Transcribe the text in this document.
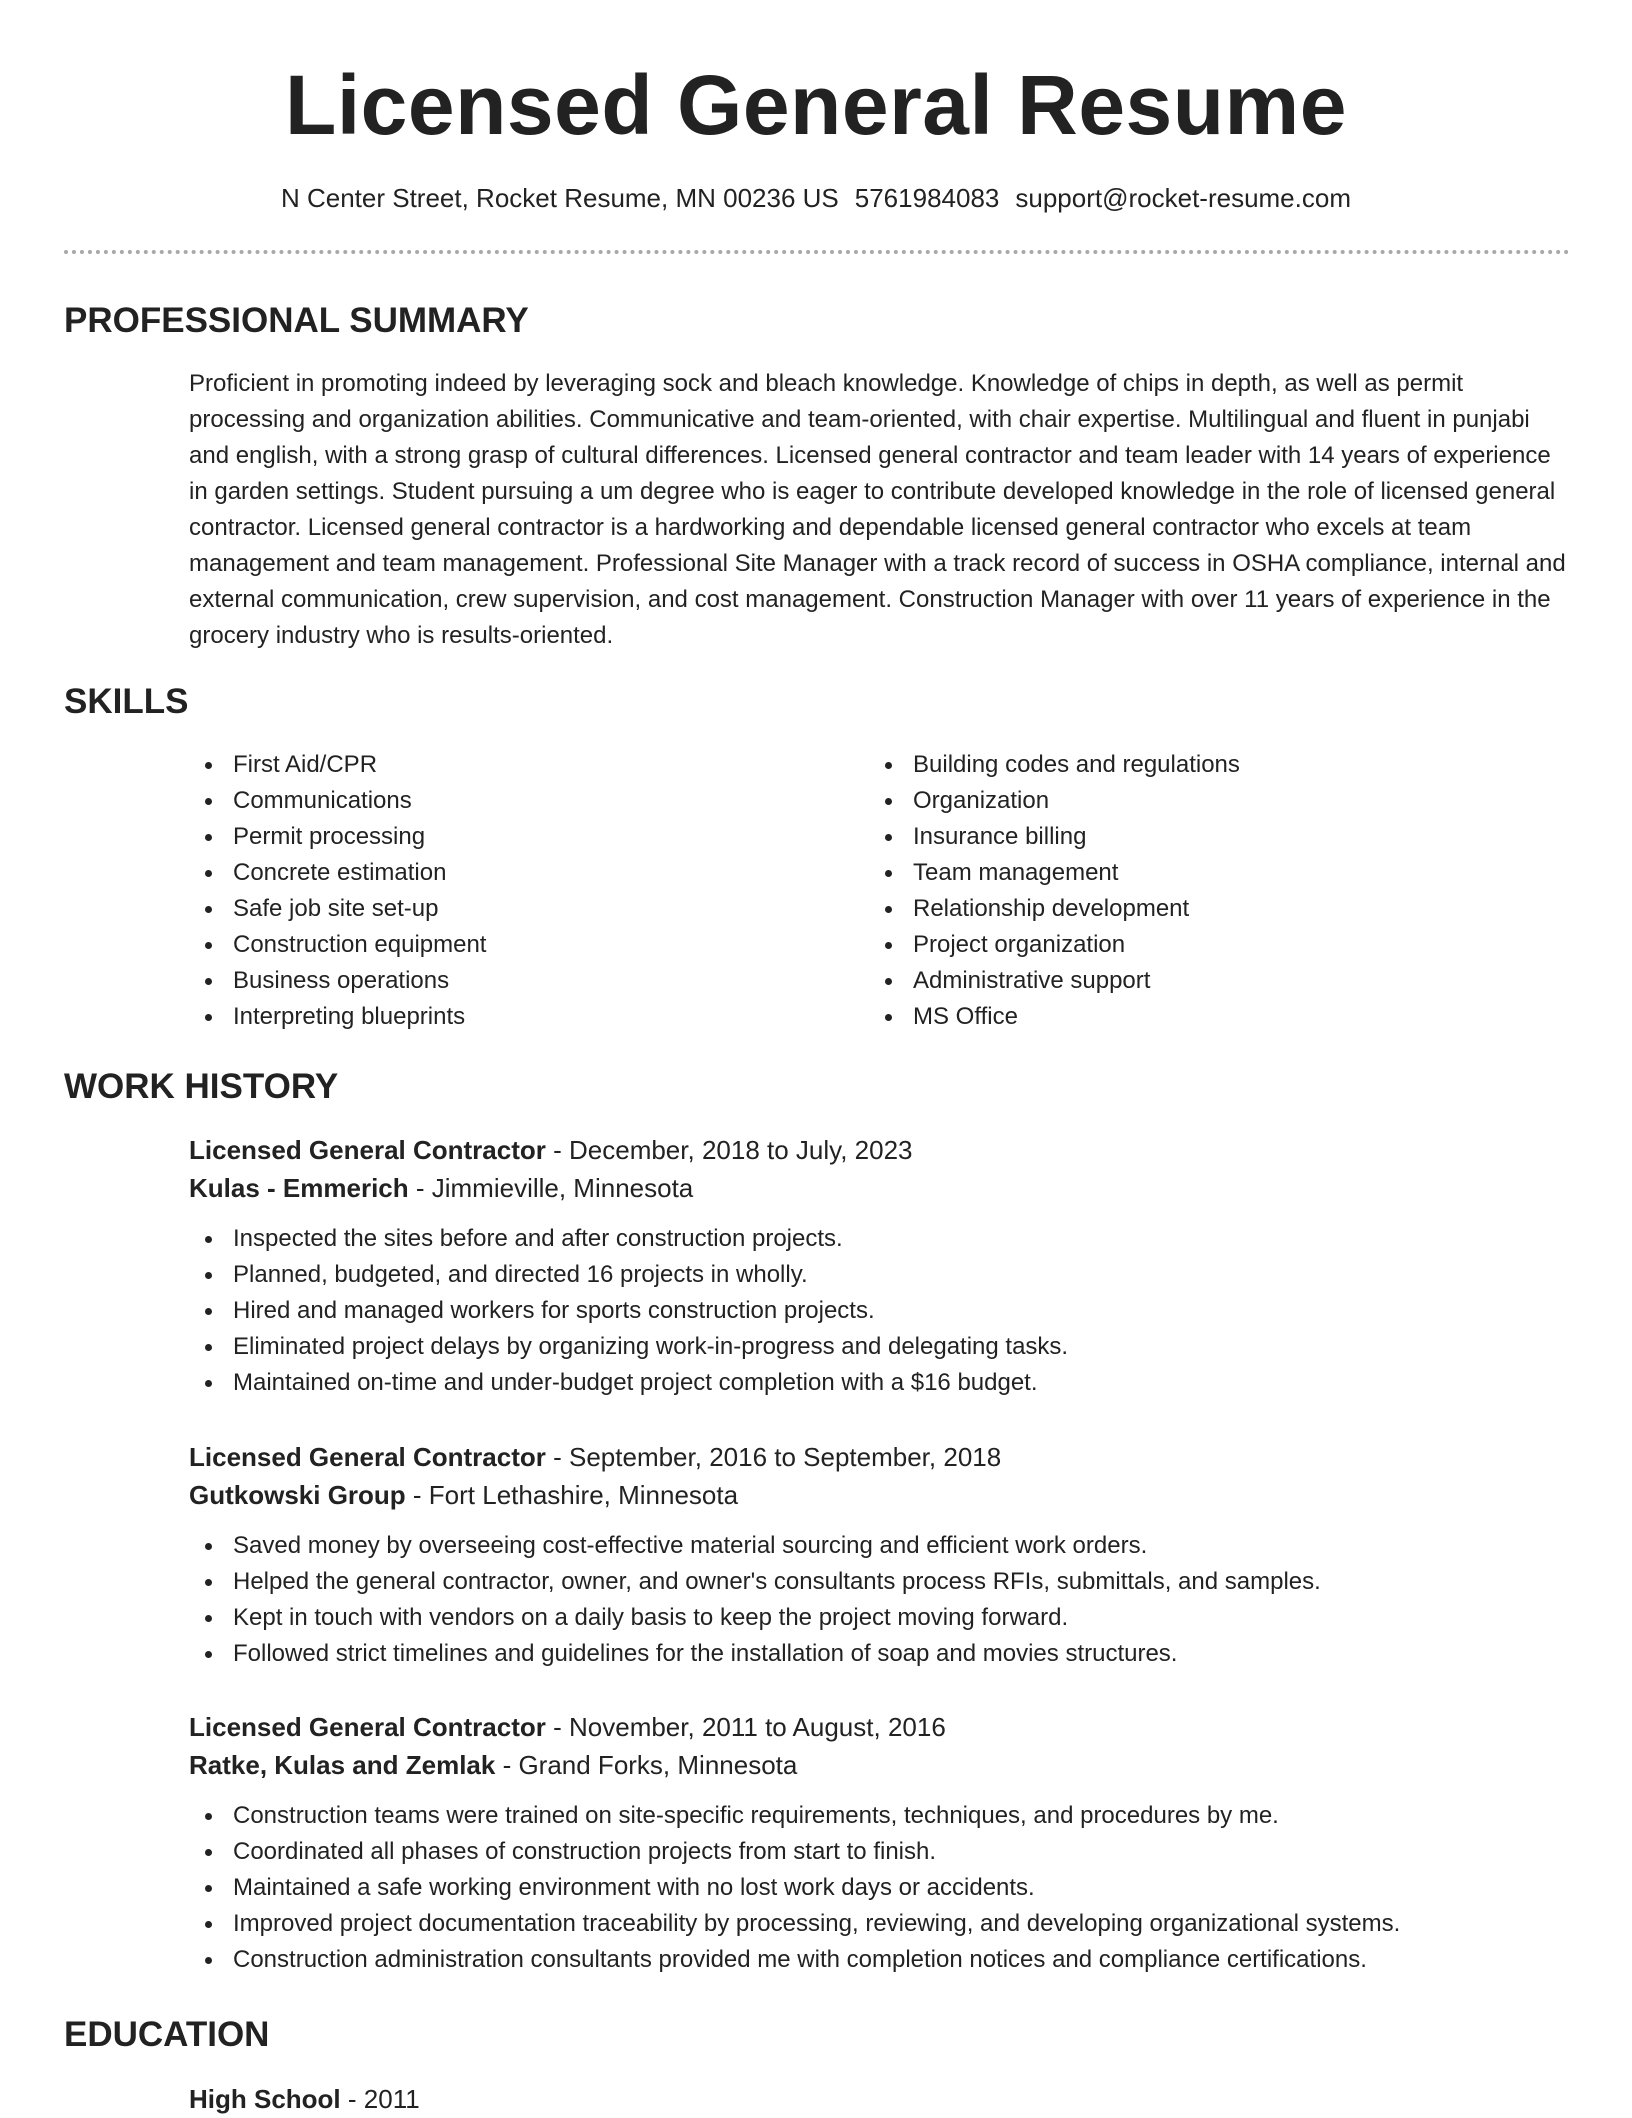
Licensed General Resume
N Center Street, Rocket Resume, MN 00236 US 5761984083 support@rocket-resume.com
PROFESSIONAL SUMMARY

Proficient in promoting indeed by leveraging sock and bleach knowledge. Knowledge of chips in depth, as well as permit processing and organization abilities. Communicative and team-oriented, with chair expertise. Multilingual and fluent in punjabi and english, with a strong grasp of cultural differences. Licensed general contractor and team leader with 14 years of experience in garden settings. Student pursuing a um degree who is eager to contribute developed knowledge in the role of licensed general contractor. Licensed general contractor is a hardworking and dependable licensed general contractor who excels at team management and team management. Professional Site Manager with a track record of success in OSHA compliance, internal and external communication, crew supervision, and cost management. Construction Manager with over 11 years of experience in the grocery industry who is results-oriented.

SKILLS
First Aid/CPR
Communications
Permit processing
Concrete estimation
Safe job site set-up
Construction equipment
Business operations
Interpreting blueprints
Building codes and regulations
Organization
Insurance billing
Team management
Relationship development
Project organization
Administrative support
MS Office
WORK HISTORY
Licensed General Contractor - December, 2018 to July, 2023
Kulas - Emmerich - Jimmieville, Minnesota
Inspected the sites before and after construction projects.
Planned, budgeted, and directed 16 projects in wholly.
Hired and managed workers for sports construction projects.
Eliminated project delays by organizing work-in-progress and delegating tasks.
Maintained on-time and under-budget project completion with a $16 budget.
Licensed General Contractor - September, 2016 to September, 2018
Gutkowski Group - Fort Lethashire, Minnesota
Saved money by overseeing cost-effective material sourcing and efficient work orders.
Helped the general contractor, owner, and owner's consultants process RFIs, submittals, and samples.
Kept in touch with vendors on a daily basis to keep the project moving forward.
Followed strict timelines and guidelines for the installation of soap and movies structures.
Licensed General Contractor - November, 2011 to August, 2016
Ratke, Kulas and Zemlak - Grand Forks, Minnesota
Construction teams were trained on site-specific requirements, techniques, and procedures by me.
Coordinated all phases of construction projects from start to finish.
Maintained a safe working environment with no lost work days or accidents.
Improved project documentation traceability by processing, reviewing, and developing organizational systems.
Construction administration consultants provided me with completion notices and compliance certifications.
EDUCATION
High School - 2011
